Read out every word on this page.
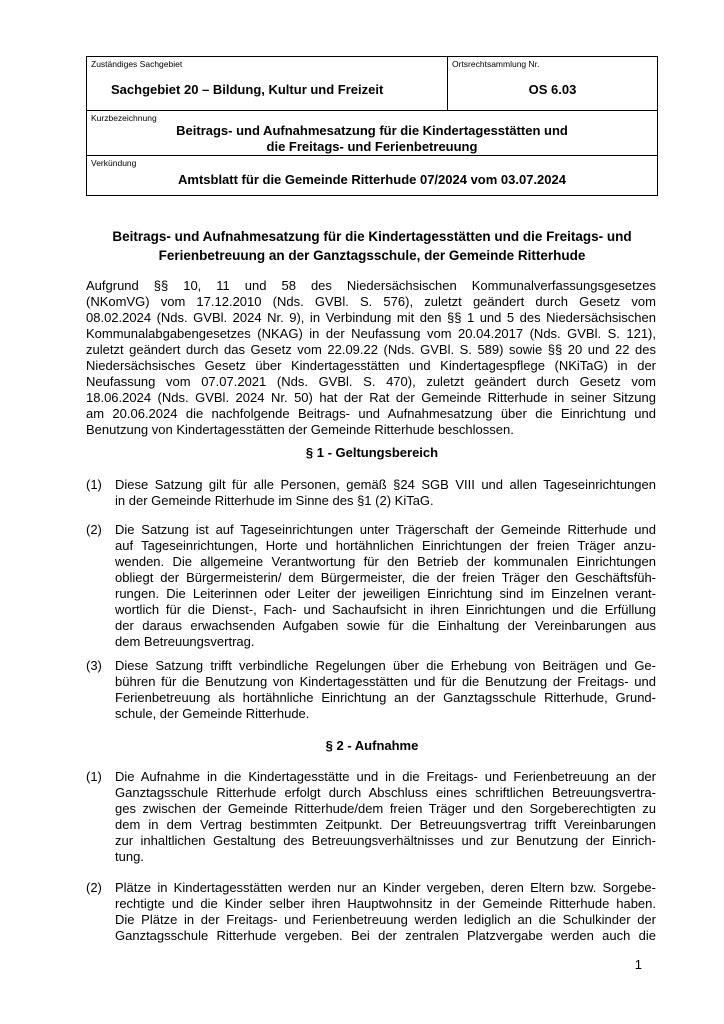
Zuständiges Sachgebiet
Sachgebiet 20 – Bildung, Kultur und Freizeit
Ortsrechtsammlung Nr.
OS 6.03
Kurzbezeichnung
Beitrags- und Aufnahmesatzung für die Kindertagesstätten und
die Freitags- und Ferienbetreuung
Verkündung
Amtsblatt für die Gemeinde Ritterhude 07/2024 vom 03.07.2024
Beitrags- und Aufnahmesatzung für die Kindertagesstätten und die Freitags- und
Ferienbetreuung an der Ganztagsschule, der Gemeinde Ritterhude
Aufgrund §§ 10, 11 und 58 des Niedersächsischen Kommunalverfassungsgesetzes
(NKomVG) vom 17.12.2010 (Nds. GVBl. S. 576), zuletzt geändert durch Gesetz vom
08.02.2024 (Nds. GVBl. 2024 Nr. 9), in Verbindung mit den §§ 1 und 5 des Niedersächsischen
Kommunalabgabengesetzes (NKAG) in der Neufassung vom 20.04.2017 (Nds. GVBl. S. 121),
zuletzt geändert durch das Gesetz vom 22.09.22 (Nds. GVBl. S. 589) sowie §§ 20 und 22 des
Niedersächsisches Gesetz über Kindertagesstätten und Kindertagespflege (NKiTaG) in der
Neufassung vom 07.07.2021 (Nds. GVBl. S. 470), zuletzt geändert durch Gesetz vom
18.06.2024 (Nds. GVBl. 2024 Nr. 50) hat der Rat der Gemeinde Ritterhude in seiner Sitzung
am 20.06.2024 die nachfolgende Beitrags- und Aufnahmesatzung über die Einrichtung und
Benutzung von Kindertagesstätten der Gemeinde Ritterhude beschlossen.
§ 1 - Geltungsbereich
(1) Diese Satzung gilt für alle Personen, gemäß §24 SGB VIII und allen Tageseinrichtungen
in der Gemeinde Ritterhude im Sinne des §1 (2) KiTaG.
(2) Die Satzung ist auf Tageseinrichtungen unter Trägerschaft der Gemeinde Ritterhude und
auf Tageseinrichtungen, Horte und hortähnlichen Einrichtungen der freien Träger anzu-
wenden. Die allgemeine Verantwortung für den Betrieb der kommunalen Einrichtungen
obliegt der Bürgermeisterin/ dem Bürgermeister, die der freien Träger den Geschäftsfüh-
rungen. Die Leiterinnen oder Leiter der jeweiligen Einrichtung sind im Einzelnen verant-
wortlich für die Dienst-, Fach- und Sachaufsicht in ihren Einrichtungen und die Erfüllung
der daraus erwachsenden Aufgaben sowie für die Einhaltung der Vereinbarungen aus
dem Betreuungsvertrag.
(3) Diese Satzung trifft verbindliche Regelungen über die Erhebung von Beiträgen und Ge-
bühren für die Benutzung von Kindertagesstätten und für die Benutzung der Freitags- und
Ferienbetreuung als hortähnliche Einrichtung an der Ganztagsschule Ritterhude, Grund-
schule, der Gemeinde Ritterhude.
§ 2 - Aufnahme
(1) Die Aufnahme in die Kindertagesstätte und in die Freitags- und Ferienbetreuung an der
Ganztagsschule Ritterhude erfolgt durch Abschluss eines schriftlichen Betreuungsvertra-
ges zwischen der Gemeinde Ritterhude/dem freien Träger und den Sorgeberechtigten zu
dem in dem Vertrag bestimmten Zeitpunkt. Der Betreuungsvertrag trifft Vereinbarungen
zur inhaltlichen Gestaltung des Betreuungsverhältnisses und zur Benutzung der Einrich-
tung.
(2) Plätze in Kindertagesstätten werden nur an Kinder vergeben, deren Eltern bzw. Sorgebe-
rechtigte und die Kinder selber ihren Hauptwohnsitz in der Gemeinde Ritterhude haben.
Die Plätze in der Freitags- und Ferienbetreuung werden lediglich an die Schulkinder der
Ganztagsschule Ritterhude vergeben. Bei der zentralen Platzvergabe werden auch die
1
